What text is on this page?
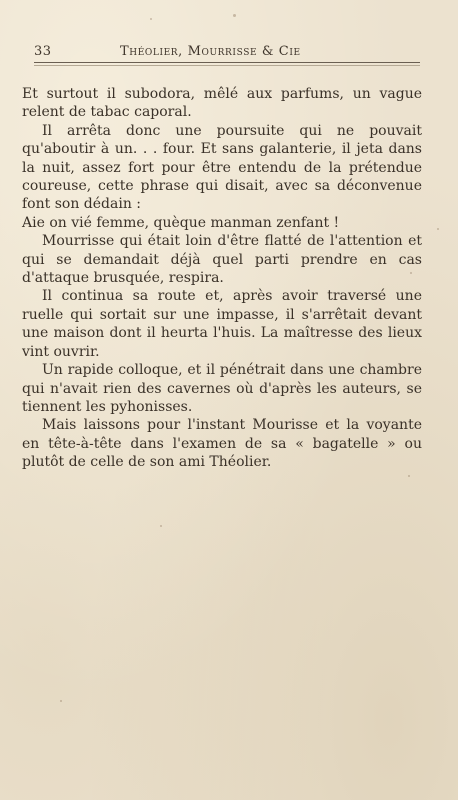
33	Théolier, Mourrisse & Cie

Et surtout il subodora, mêlé aux parfums, un vague relent de tabac caporal.

Il arrêta donc une poursuite qui ne pouvait qu'aboutir à un. . . four. Et sans galanterie, il jeta dans la nuit, assez fort pour être entendu de la prétendue coureuse, cette phrase qui disait, avec sa déconvenue font son dédain :

Aie on vié femme, quèque manman zenfant !

Mourrisse qui était loin d'être flatté de l'attention et qui se demandait déjà quel parti prendre en cas d'attaque brusquée, respira.

Il continua sa route et, après avoir traversé une ruelle qui sortait sur une impasse, il s'arrêtait devant une maison dont il heurta l'huis. La maîtresse des lieux vint ouvrir.

Un rapide colloque, et il pénétrait dans une chambre qui n'avait rien des cavernes où d'après les auteurs, se tiennent les pyhonisses.

Mais laissons pour l'instant Mourisse et la voyante en tête-à-tête dans l'examen de sa « bagatelle » ou plutôt de celle de son ami Théolier.
